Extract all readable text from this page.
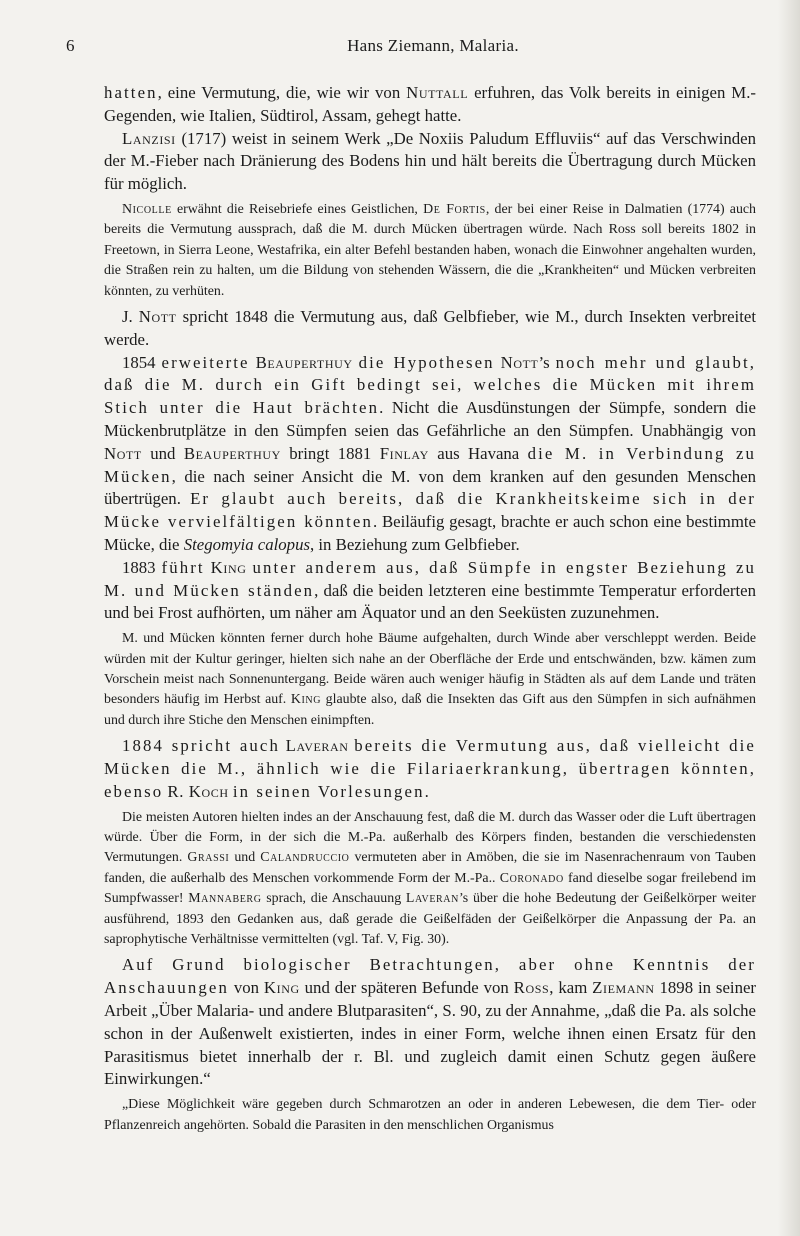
6	Hans Ziemann, Malaria.

hatten, eine Vermutung, die, wie wir von Nuttall erfuhren, das Volk bereits in einigen M.-Gegenden, wie Italien, Südtirol, Assam, gehegt hatte.

Lanzisi (1717) weist in seinem Werk „De Noxiis Paludum Effluviis“ auf das Verschwinden der M.-Fieber nach Dränierung des Bodens hin und hält bereits die Übertragung durch Mücken für möglich.

Nicolle erwähnt die Reisebriefe eines Geistlichen, De Fortis, der bei einer Reise in Dalmatien (1774) auch bereits die Vermutung aussprach, daß die M. durch Mücken übertragen würde. Nach Ross soll bereits 1802 in Freetown, in Sierra Leone, Westafrika, ein alter Befehl bestanden haben, wonach die Einwohner angehalten wurden, die Straßen rein zu halten, um die Bildung von stehenden Wässern, die die „Krankheiten“ und Mücken verbreiten könnten, zu verhüten.

J. Nott spricht 1848 die Vermutung aus, daß Gelbfieber, wie M., durch Insekten verbreitet werde.

1854 erweiterte Beauperthuy die Hypothesen Nott’s noch mehr und glaubt, daß die M. durch ein Gift bedingt sei, welches die Mücken mit ihrem Stich unter die Haut brächten. Nicht die Ausdünstungen der Sümpfe, sondern die Mückenbrutplätze in den Sümpfen seien das Gefährliche an den Sümpfen. Unabhängig von Nott und Beauperthuy bringt 1881 Finlay aus Havana die M. in Verbindung zu Mücken, die nach seiner Ansicht die M. von dem kranken auf den gesunden Menschen übertrügen. Er glaubt auch bereits, daß die Krankheitskeime sich in der Mücke vervielfältigen könnten. Beiläufig gesagt, brachte er auch schon eine bestimmte Mücke, die Stegomyia calopus, in Beziehung zum Gelbfieber.

1883 führt King unter anderem aus, daß Sümpfe in engster Beziehung zu M. und Mücken ständen, daß die beiden letzteren eine bestimmte Temperatur erforderten und bei Frost aufhörten, um näher am Äquator und an den Seeküsten zuzunehmen.

M. und Mücken könnten ferner durch hohe Bäume aufgehalten, durch Winde aber verschleppt werden. Beide würden mit der Kultur geringer, hielten sich nahe an der Oberfläche der Erde und entschwänden, bzw. kämen zum Vorschein meist nach Sonnenuntergang. Beide wären auch weniger häufig in Städten als auf dem Lande und träten besonders häufig im Herbst auf. King glaubte also, daß die Insekten das Gift aus den Sümpfen in sich aufnähmen und durch ihre Stiche den Menschen einimpften.

1884 spricht auch Laveran bereits die Vermutung aus, daß vielleicht die Mücken die M., ähnlich wie die Filariaerkrankung, übertragen könnten, ebenso R. Koch in seinen Vorlesungen.

Die meisten Autoren hielten indes an der Anschauung fest, daß die M. durch das Wasser oder die Luft übertragen würde. Über die Form, in der sich die M.-Pa. außerhalb des Körpers finden, bestanden die verschiedensten Vermutungen. Grassi und Calandruccio vermuteten aber in Amöben, die sie im Nasenrachenraum von Tauben fanden, die außerhalb des Menschen vorkommende Form der M.-Pa.. Coronado fand dieselbe sogar freilebend im Sumpfwasser! Mannaberg sprach, die Anschauung Laveran’s über die hohe Bedeutung der Geißelkörper weiter ausführend, 1893 den Gedanken aus, daß gerade die Geißelfäden der Geißelkörper die Anpassung der Pa. an saprophytische Verhältnisse vermittelten (vgl. Taf. V, Fig. 30).

Auf Grund biologischer Betrachtungen, aber ohne Kenntnis der Anschauungen von King und der späteren Befunde von Ross, kam Ziemann 1898 in seiner Arbeit „Über Malaria- und andere Blutparasiten“, S. 90, zu der Annahme, „daß die Pa. als solche schon in der Außenwelt existierten, indes in einer Form, welche ihnen einen Ersatz für den Parasitismus bietet innerhalb der r. Bl. und zugleich damit einen Schutz gegen äußere Einwirkungen.“

„Diese Möglichkeit wäre gegeben durch Schmarotzen an oder in anderen Lebewesen, die dem Tier- oder Pflanzenreich angehörten. Sobald die Parasiten in den menschlichen Organismus
